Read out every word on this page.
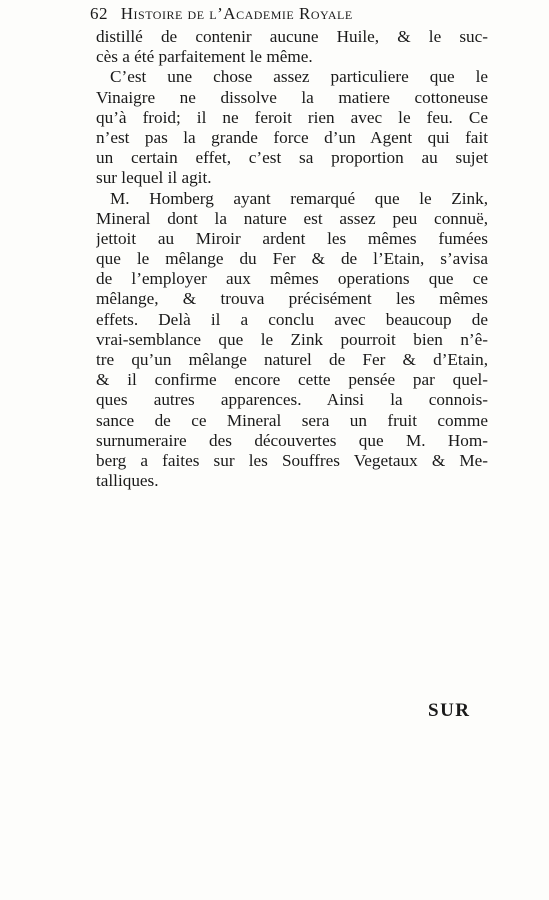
62 Histoire de l’Academie Royale
distillé de contenir aucune Huile, & le suc-
cès a été parfaitement le même.
C’est une chose assez particuliere que le
Vinaigre ne dissolve la matiere cottoneuse
qu’à froid; il ne feroit rien avec le feu. Ce
n’est pas la grande force d’un Agent qui fait
un certain effet, c’est sa proportion au sujet
sur lequel il agit.
M. Homberg ayant remarqué que le Zink,
Mineral dont la nature est assez peu connuë,
jettoit au Miroir ardent les mêmes fumées
que le mêlange du Fer & de l’Etain, s’avisa
de l’employer aux mêmes operations que ce
mêlange, & trouva précisément les mêmes
effets. Delà il a conclu avec beaucoup de
vrai-semblance que le Zink pourroit bien n’ê-
tre qu’un mêlange naturel de Fer & d’Etain,
& il confirme encore cette pensée par quel-
ques autres apparences. Ainsi la connois-
sance de ce Mineral sera un fruit comme
surnumeraire des découvertes que M. Hom-
berg a faites sur les Souffres Vegetaux & Me-
talliques.
SUR
